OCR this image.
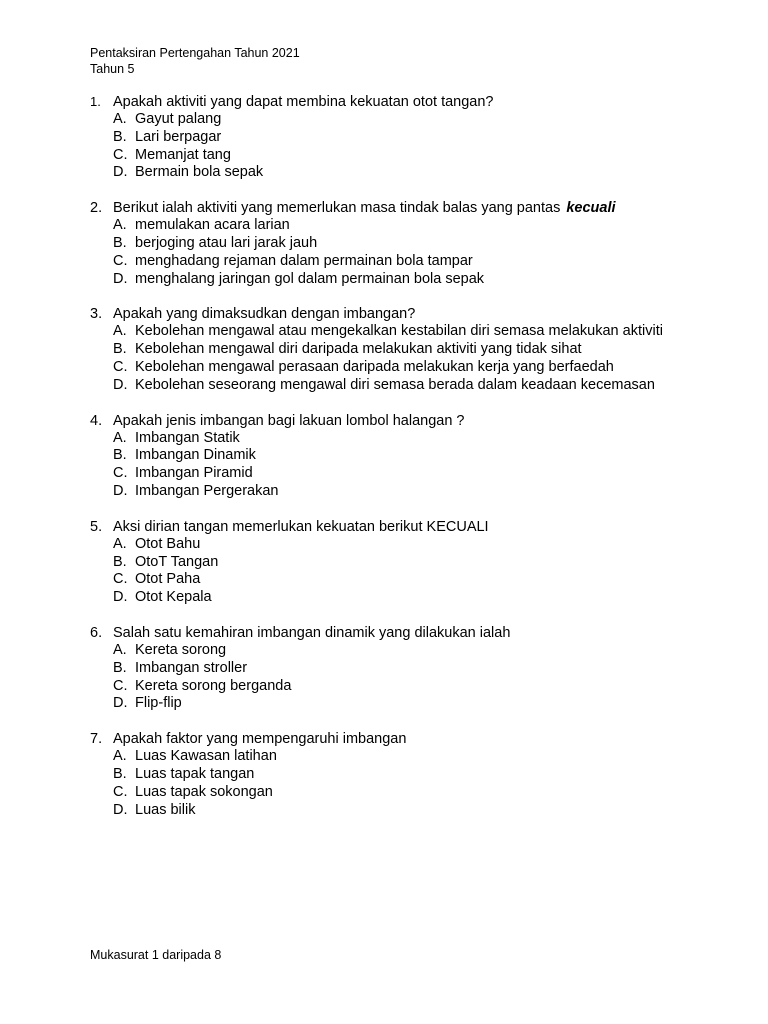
Pentaksiran Pertengahan Tahun 2021
Tahun 5
1. Apakah aktiviti yang dapat membina kekuatan otot tangan?
A. Gayut palang
B. Lari berpagar
C. Memanjat tang
D. Bermain bola sepak
2. Berikut ialah aktiviti yang memerlukan masa tindak balas yang pantas kecuali
A. memulakan acara larian
B. berjoging atau lari jarak jauh
C. menghadang rejaman dalam permainan bola tampar
D. menghalang jaringan gol dalam permainan bola sepak
3. Apakah yang dimaksudkan dengan imbangan?
A. Kebolehan mengawal atau mengekalkan kestabilan diri semasa melakukan aktiviti
B. Kebolehan mengawal diri daripada melakukan aktiviti yang tidak sihat
C. Kebolehan mengawal perasaan daripada melakukan kerja yang berfaedah
D. Kebolehan seseorang mengawal diri semasa berada dalam keadaan kecemasan
4. Apakah jenis imbangan bagi lakuan lombol halangan ?
A. Imbangan Statik
B. Imbangan Dinamik
C. Imbangan Piramid
D. Imbangan Pergerakan
5. Aksi dirian tangan memerlukan kekuatan berikut KECUALI
A. Otot Bahu
B. OtoT Tangan
C. Otot Paha
D. Otot Kepala
6. Salah satu kemahiran imbangan dinamik yang dilakukan ialah
A. Kereta sorong
B. Imbangan stroller
C. Kereta sorong berganda
D. Flip-flip
7. Apakah faktor yang mempengaruhi imbangan
A. Luas Kawasan latihan
B. Luas tapak tangan
C. Luas tapak sokongan
D. Luas bilik
Mukasurat 1 daripada 8
